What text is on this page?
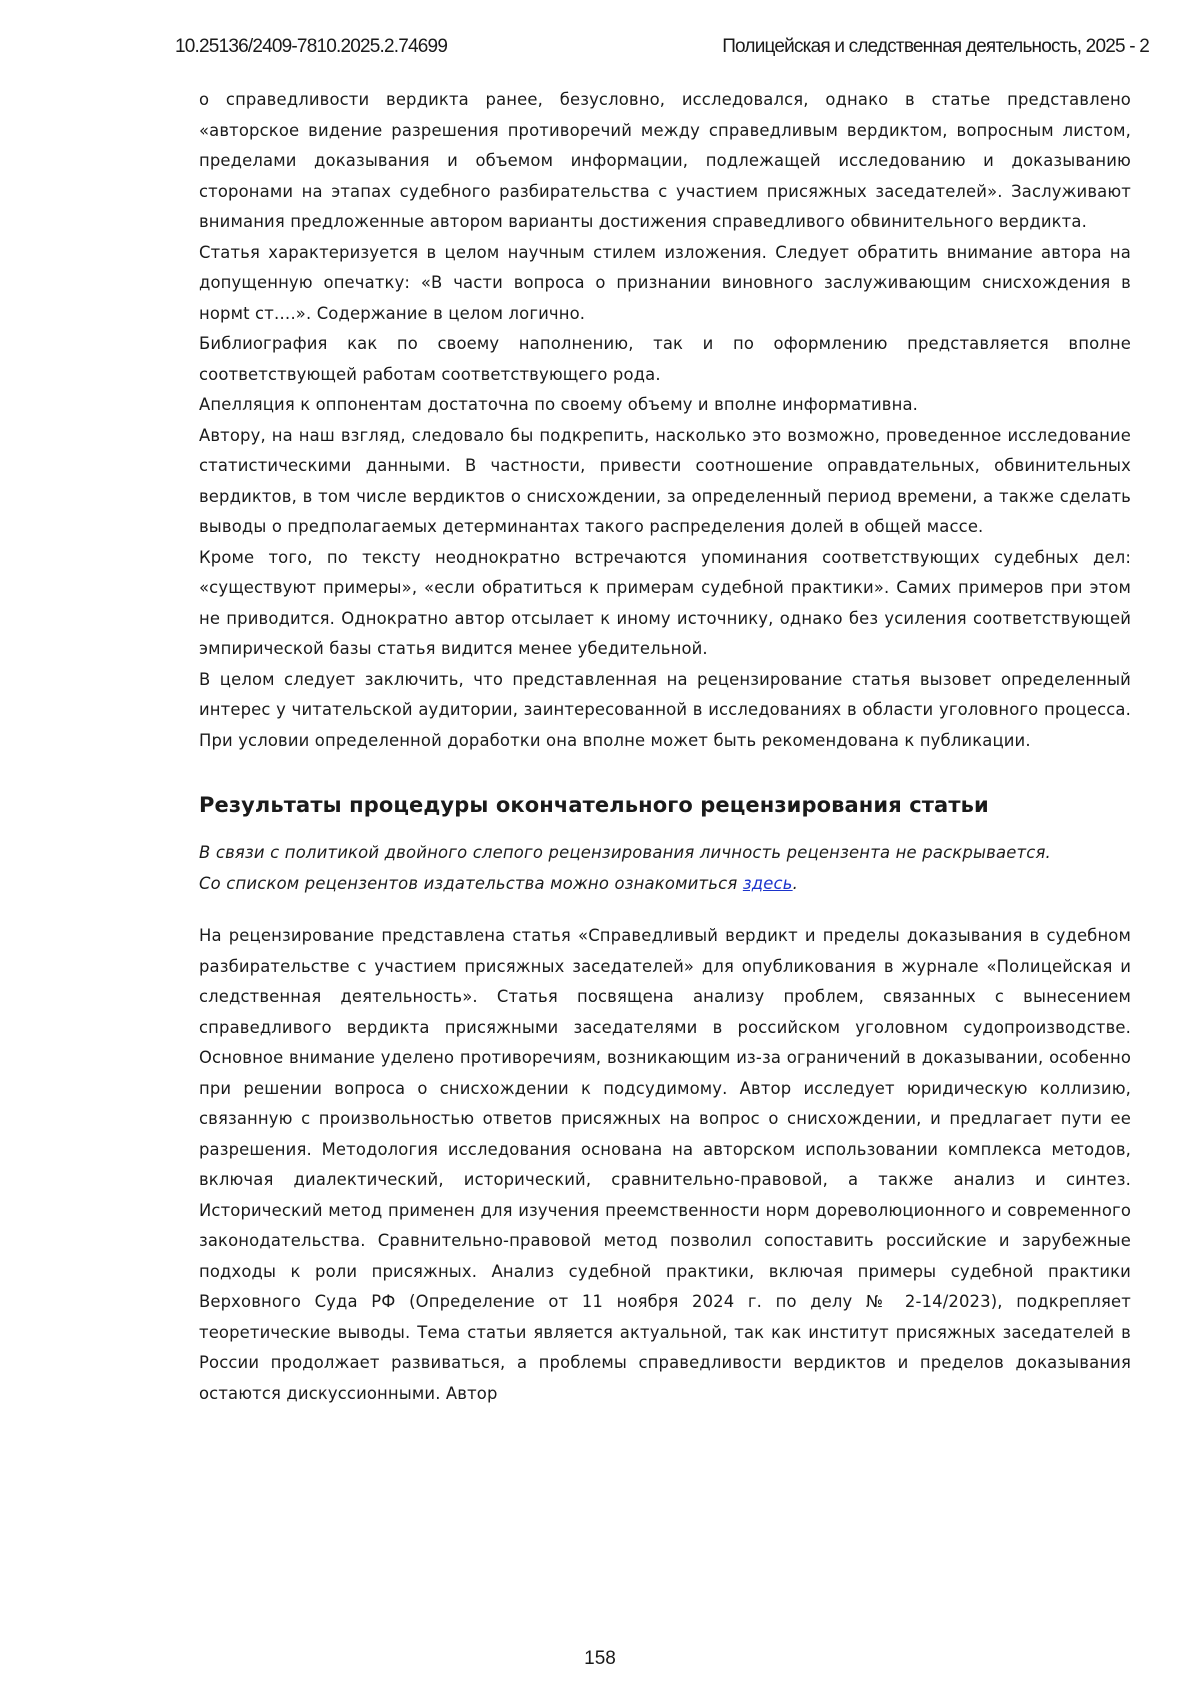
10.25136/2409-7810.2025.2.74699	Полицейская и следственная деятельность, 2025 - 2

о справедливости вердикта ранее, безусловно, исследовался, однако в статье представлено «авторское видение разрешения противоречий между справедливым вердиктом, вопросным листом, пределами доказывания и объемом информации, подлежащей исследованию и доказыванию сторонами на этапах судебного разбирательства с участием присяжных заседателей». Заслуживают внимания предложенные автором варианты достижения справедливого обвинительного вердикта.

Статья характеризуется в целом научным стилем изложения. Следует обратить внимание автора на допущенную опечатку: «В части вопроса о признании виновного заслуживающим снисхождения в нормt ст….». Содержание в целом логично.

Библиография как по своему наполнению, так и по оформлению представляется вполне соответствующей работам соответствующего рода.

Апелляция к оппонентам достаточна по своему объему и вполне информативна.

Автору, на наш взгляд, следовало бы подкрепить, насколько это возможно, проведенное исследование статистическими данными. В частности, привести соотношение оправдательных, обвинительных вердиктов, в том числе вердиктов о снисхождении, за определенный период времени, а также сделать выводы о предполагаемых детерминантах такого распределения долей в общей массе.

Кроме того, по тексту неоднократно встречаются упоминания соответствующих судебных дел: «существуют примеры», «если обратиться к примерам судебной практики». Самих примеров при этом не приводится. Однократно автор отсылает к иному источнику, однако без усиления соответствующей эмпирической базы статья видится менее убедительной.

В целом следует заключить, что представленная на рецензирование статья вызовет определенный интерес у читательской аудитории, заинтересованной в исследованиях в области уголовного процесса. При условии определенной доработки она вполне может быть рекомендована к публикации.

Результаты процедуры окончательного рецензирования статьи

В связи с политикой двойного слепого рецензирования личность рецензента не раскрывается.

Со списком рецензентов издательства можно ознакомиться здесь.

На рецензирование представлена статья «Справедливый вердикт и пределы доказывания в судебном разбирательстве с участием присяжных заседателей» для опубликования в журнале «Полицейская и следственная деятельность». Статья посвящена анализу проблем, связанных с вынесением справедливого вердикта присяжными заседателями в российском уголовном судопроизводстве. Основное внимание уделено противоречиям, возникающим из-за ограничений в доказывании, особенно при решении вопроса о снисхождении к подсудимому. Автор исследует юридическую коллизию, связанную с произвольностью ответов присяжных на вопрос о снисхождении, и предлагает пути ее разрешения. Методология исследования основана на авторском использовании комплекса методов, включая диалектический, исторический, сравнительно-правовой, а также анализ и синтез. Исторический метод применен для изучения преемственности норм дореволюционного и современного законодательства. Сравнительно-правовой метод позволил сопоставить российские и зарубежные подходы к роли присяжных. Анализ судебной практики, включая примеры судебной практики Верховного Суда РФ (Определение от 11 ноября 2024 г. по делу № 2-14/2023), подкрепляет теоретические выводы. Тема статьи является актуальной, так как институт присяжных заседателей в России продолжает развиваться, а проблемы справедливости вердиктов и пределов доказывания остаются дискуссионными. Автор

158
